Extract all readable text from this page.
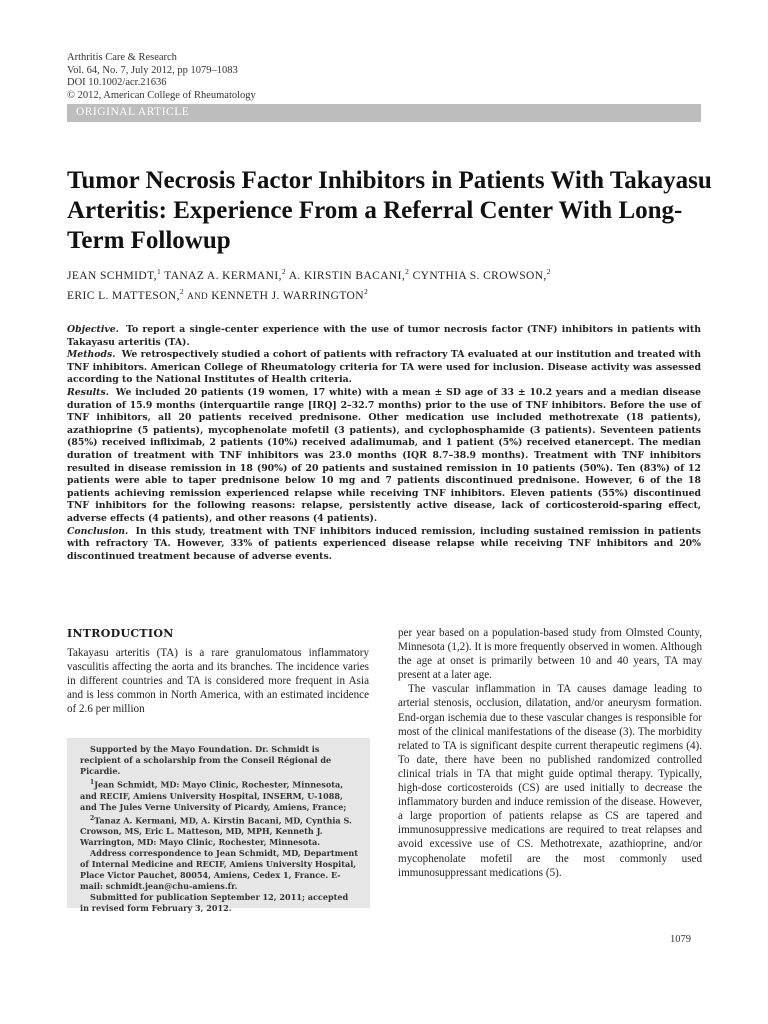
Arthritis Care & Research
Vol. 64, No. 7, July 2012, pp 1079–1083
DOI 10.1002/acr.21636
© 2012, American College of Rheumatology
ORIGINAL ARTICLE
Tumor Necrosis Factor Inhibitors in Patients With Takayasu Arteritis: Experience From a Referral Center With Long-Term Followup
JEAN SCHMIDT,$^1$ TANAZ A. KERMANI,$^2$ A. KIRSTIN BACANI,$^2$ CYNTHIA S. CROWSON,$^2$
ERIC L. MATTESON,$^2$ AND KENNETH J. WARRINGTON$^2$

Objective. To report a single-center experience with the use of tumor necrosis factor (TNF) inhibitors in patients with Takayasu arteritis (TA).

Methods. We retrospectively studied a cohort of patients with refractory TA evaluated at our institution and treated with TNF inhibitors. American College of Rheumatology criteria for TA were used for inclusion. Disease activity was assessed according to the National Institutes of Health criteria.

Results. We included 20 patients (19 women, 17 white) with a mean ± SD age of 33 ± 10.2 years and a median disease duration of 15.9 months (interquartile range [IRQ] 2–32.7 months) prior to the use of TNF inhibitors. Before the use of TNF inhibitors, all 20 patients received prednisone. Other medication use included methotrexate (18 patients), azathioprine (5 patients), mycophenolate mofetil (3 patients), and cyclophosphamide (3 patients). Seventeen patients (85%) received infliximab, 2 patients (10%) received adalimumab, and 1 patient (5%) received etanercept. The median duration of treatment with TNF inhibitors was 23.0 months (IQR 8.7–38.9 months). Treatment with TNF inhibitors resulted in disease remission in 18 (90%) of 20 patients and sustained remission in 10 patients (50%). Ten (83%) of 12 patients were able to taper prednisone below 10 mg and 7 patients discontinued prednisone. However, 6 of the 18 patients achieving remission experienced relapse while receiving TNF inhibitors. Eleven patients (55%) discontinued TNF inhibitors for the following reasons: relapse, persistently active disease, lack of corticosteroid-sparing effect, adverse effects (4 patients), and other reasons (4 patients).

Conclusion. In this study, treatment with TNF inhibitors induced remission, including sustained remission in patients with refractory TA. However, 33% of patients experienced disease relapse while receiving TNF inhibitors and 20% discontinued treatment because of adverse events.

INTRODUCTION

Takayasu arteritis (TA) is a rare granulomatous inflammatory vasculitis affecting the aorta and its branches. The incidence varies in different countries and TA is considered more frequent in Asia and is less common in North America, with an estimated incidence of 2.6 per million

Supported by the Mayo Foundation. Dr. Schmidt is recipient of a scholarship from the Conseil Régional de Picardie.

$^1$Jean Schmidt, MD: Mayo Clinic, Rochester, Minnesota, and RECIF, Amiens University Hospital, INSERM, U-1088, and The Jules Verne University of Picardy, Amiens, France;

$^2$Tanaz A. Kermani, MD, A. Kirstin Bacani, MD, Cynthia S. Crowson, MS, Eric L. Matteson, MD, MPH, Kenneth J. Warrington, MD: Mayo Clinic, Rochester, Minnesota.

Address correspondence to Jean Schmidt, MD, Department of Internal Medicine and RECIF, Amiens University Hospital, Place Victor Pauchet, 80054, Amiens, Cedex 1, France. E-mail: schmidt.jean@chu-amiens.fr.

Submitted for publication September 12, 2011; accepted in revised form February 3, 2012.

per year based on a population-based study from Olmsted County, Minnesota (1,2). It is more frequently observed in women. Although the age at onset is primarily between 10 and 40 years, TA may present at a later age.

The vascular inflammation in TA causes damage leading to arterial stenosis, occlusion, dilatation, and/or aneurysm formation. End-organ ischemia due to these vascular changes is responsible for most of the clinical manifestations of the disease (3). The morbidity related to TA is significant despite current therapeutic regimens (4). To date, there have been no published randomized controlled clinical trials in TA that might guide optimal therapy. Typically, high-dose corticosteroids (CS) are used initially to decrease the inflammatory burden and induce remission of the disease. However, a large proportion of patients relapse as CS are tapered and immunosuppressive medications are required to treat relapses and avoid excessive use of CS. Methotrexate, azathioprine, and/or mycophenolate mofetil are the most commonly used immunosuppressant medications (5).

1079
